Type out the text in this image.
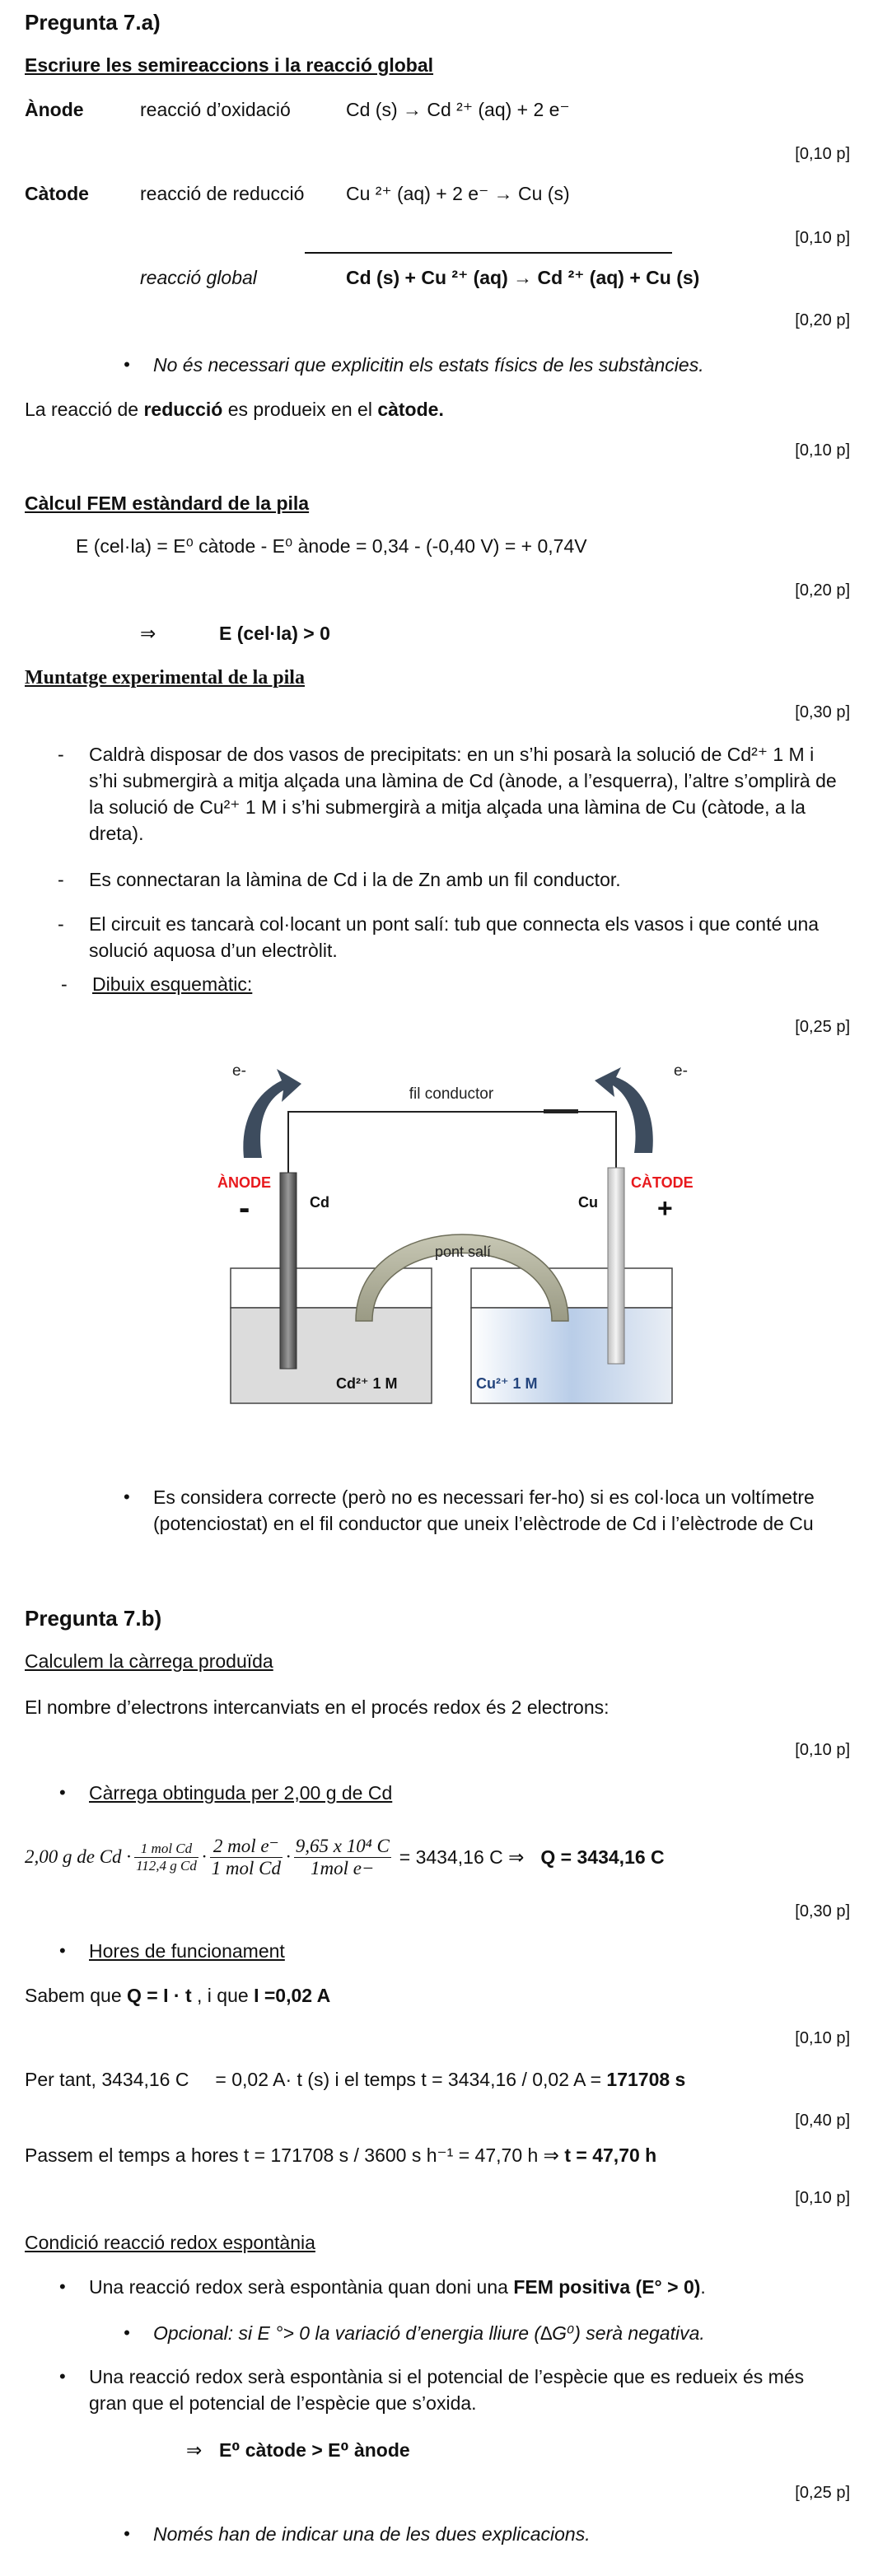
Pregunta 7.a)
Escriure les semireaccions i la reacció global
Ànode	reacció d’oxidació	Cd (s) → Cd ²⁺ (aq) + 2 e⁻
[0,10 p]
Càtode	reacció de reducció Cu ²⁺ (aq) + 2 e⁻ → Cu (s)
[0,10 p]
reacció global	Cd (s) + Cu ²⁺ (aq) → Cd ²⁺ (aq) + Cu (s)
[0,20 p]
• No és necessari que explicitin els estats físics de les substàncies.
La reacció de reducció es produeix en el càtode.
[0,10 p]
Càlcul FEM estàndard de la pila
E (cel·la) = E⁰ càtode - E⁰ ànode = 0,34 - (-0,40 V) = + 0,74V
[0,20 p]
⇒	E (cel·la) > 0
Muntatge experimental de la pila
[0,30 p]
- Caldrà disposar de dos vasos de precipitats: en un s’hi posarà la solució de Cd²⁺ 1 M i s’hi submergirà a mitja alçada una làmina de Cd (ànode, a l’esquerra), l’altre s’omplirà de la solució de Cu²⁺ 1 M i s’hi submergirà a mitja alçada una làmina de Cu (càtode, a la dreta).
- Es connectaran la làmina de Cd i la de Zn amb un fil conductor.
- El circuit es tancarà col·locant un pont salí: tub que connecta els vasos i que conté una solució aquosa d’un electròlit.
- Dibuix esquemàtic:
[0,25 p]
fil conductor
e-	e-
pont salí
ÀNODE	CÀTODE
-	+
Cd	Cu
Cd²⁺ 1 M	Cu²⁺ 1 M
• Es considera correcte (però no es necessari fer-ho) si es col·loca un voltímetre (potenciostat) en el fil conductor que uneix l’elèctrode de Cd i l’elèctrode de Cu
Pregunta 7.b)
Calculem la càrrega produïda
El nombre d’electrons intercanviats en el procés redox és 2 electrons:
[0,10 p]
• Càrrega obtinguda per 2,00 g de Cd
2,00 g de $Cd \cdot \frac{\text{1 mol Cd}}{\text{112,4 g Cd}} \cdot \frac{\text{2 mol e⁻}}{\text{1 mol Cd}} \cdot \frac{\text{9,65 x 10⁴ C}}{\text{1mol e−}} = 3434,16$ C ⇒ Q = 3434,16 C
[0,30 p]
• Hores de funcionament
Sabem que Q = I · t , i que I =0,02 A
[0,10 p]
Per tant, 3434,16 C     = 0,02 A· t (s) i el temps t = 3434,16 / 0,02 A = 171708 s
[0,40 p]
Passem el temps a hores t = 171708 s / 3600 s h⁻¹ = 47,70 h ⇒ t = 47,70 h
[0,10 p]
Condició reacció redox espontània
• Una reacció redox serà espontània quan doni una FEM positiva (E° > 0).
• Opcional: si E °> 0 la variació d’energia lliure (∆G⁰) serà negativa.
• Una reacció redox serà espontània si el potencial de l’espècie que es redueix és més gran que el potencial de l’espècie que s’oxida.
⇒ E⁰ càtode > E⁰ ànode
[0,25 p]
• Només han de indicar una de les dues explicacions.
